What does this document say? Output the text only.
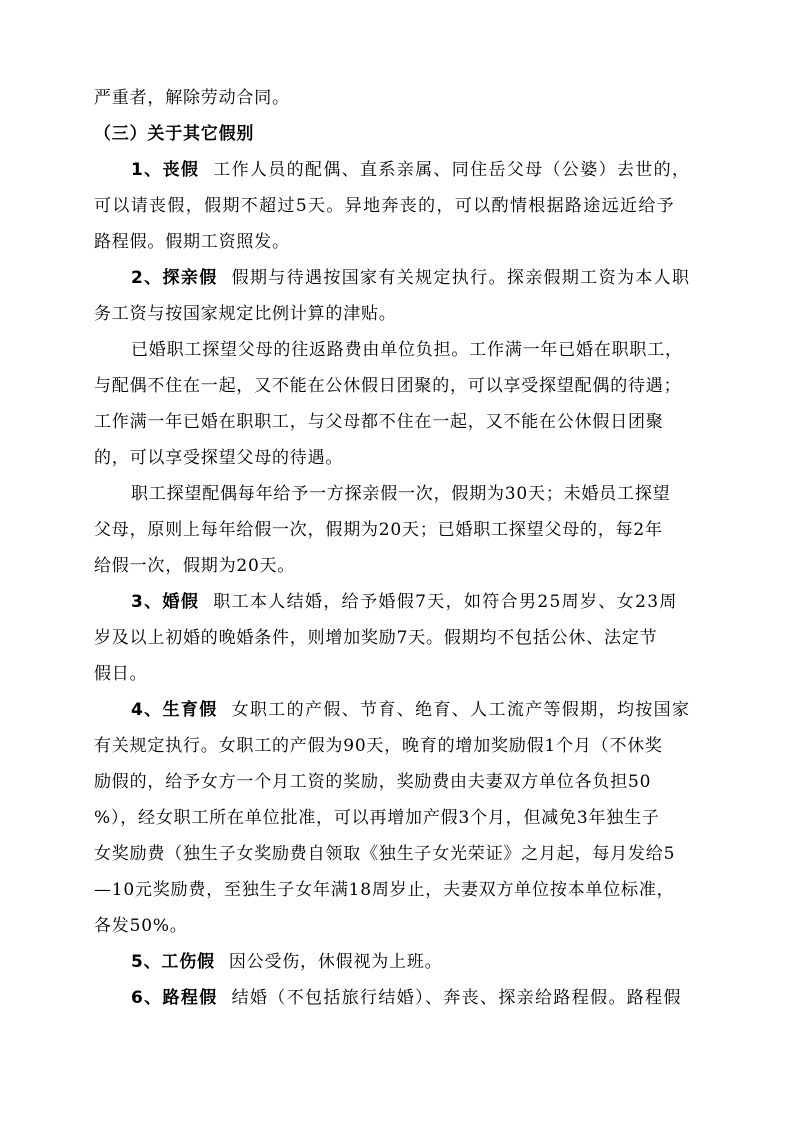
严重者，解除劳动合同。
（三）关于其它假别
1、丧假 工作人员的配偶、直系亲属、同住岳父母（公婆）去世的，
可以请丧假，假期不超过5天。异地奔丧的，可以酌情根据路途远近给予
路程假。假期工资照发。
2、探亲假 假期与待遇按国家有关规定执行。探亲假期工资为本人职
务工资与按国家规定比例计算的津贴。
已婚职工探望父母的往返路费由单位负担。工作满一年已婚在职职工，
与配偶不住在一起，又不能在公休假日团聚的，可以享受探望配偶的待遇；
工作满一年已婚在职职工，与父母都不住在一起，又不能在公休假日团聚
的，可以享受探望父母的待遇。
职工探望配偶每年给予一方探亲假一次，假期为30天；未婚员工探望
父母，原则上每年给假一次，假期为20天；已婚职工探望父母的，每2年
给假一次，假期为20天。
3、婚假 职工本人结婚，给予婚假7天，如符合男25周岁、女23周
岁及以上初婚的晚婚条件，则增加奖励7天。假期均不包括公休、法定节
假日。
4、生育假 女职工的产假、节育、绝育、人工流产等假期，均按国家
有关规定执行。女职工的产假为90天，晚育的增加奖励假1个月（不休奖
励假的，给予女方一个月工资的奖励，奖励费由夫妻双方单位各负担50
%），经女职工所在单位批准，可以再增加产假3个月，但减免3年独生子
女奖励费（独生子女奖励费自领取《独生子女光荣证》之月起，每月发给5
—10元奖励费，至独生子女年满18周岁止，夫妻双方单位按本单位标准，
各发50%。
5、工伤假 因公受伤，休假视为上班。
6、路程假 结婚（不包括旅行结婚）、奔丧、探亲给路程假。路程假
